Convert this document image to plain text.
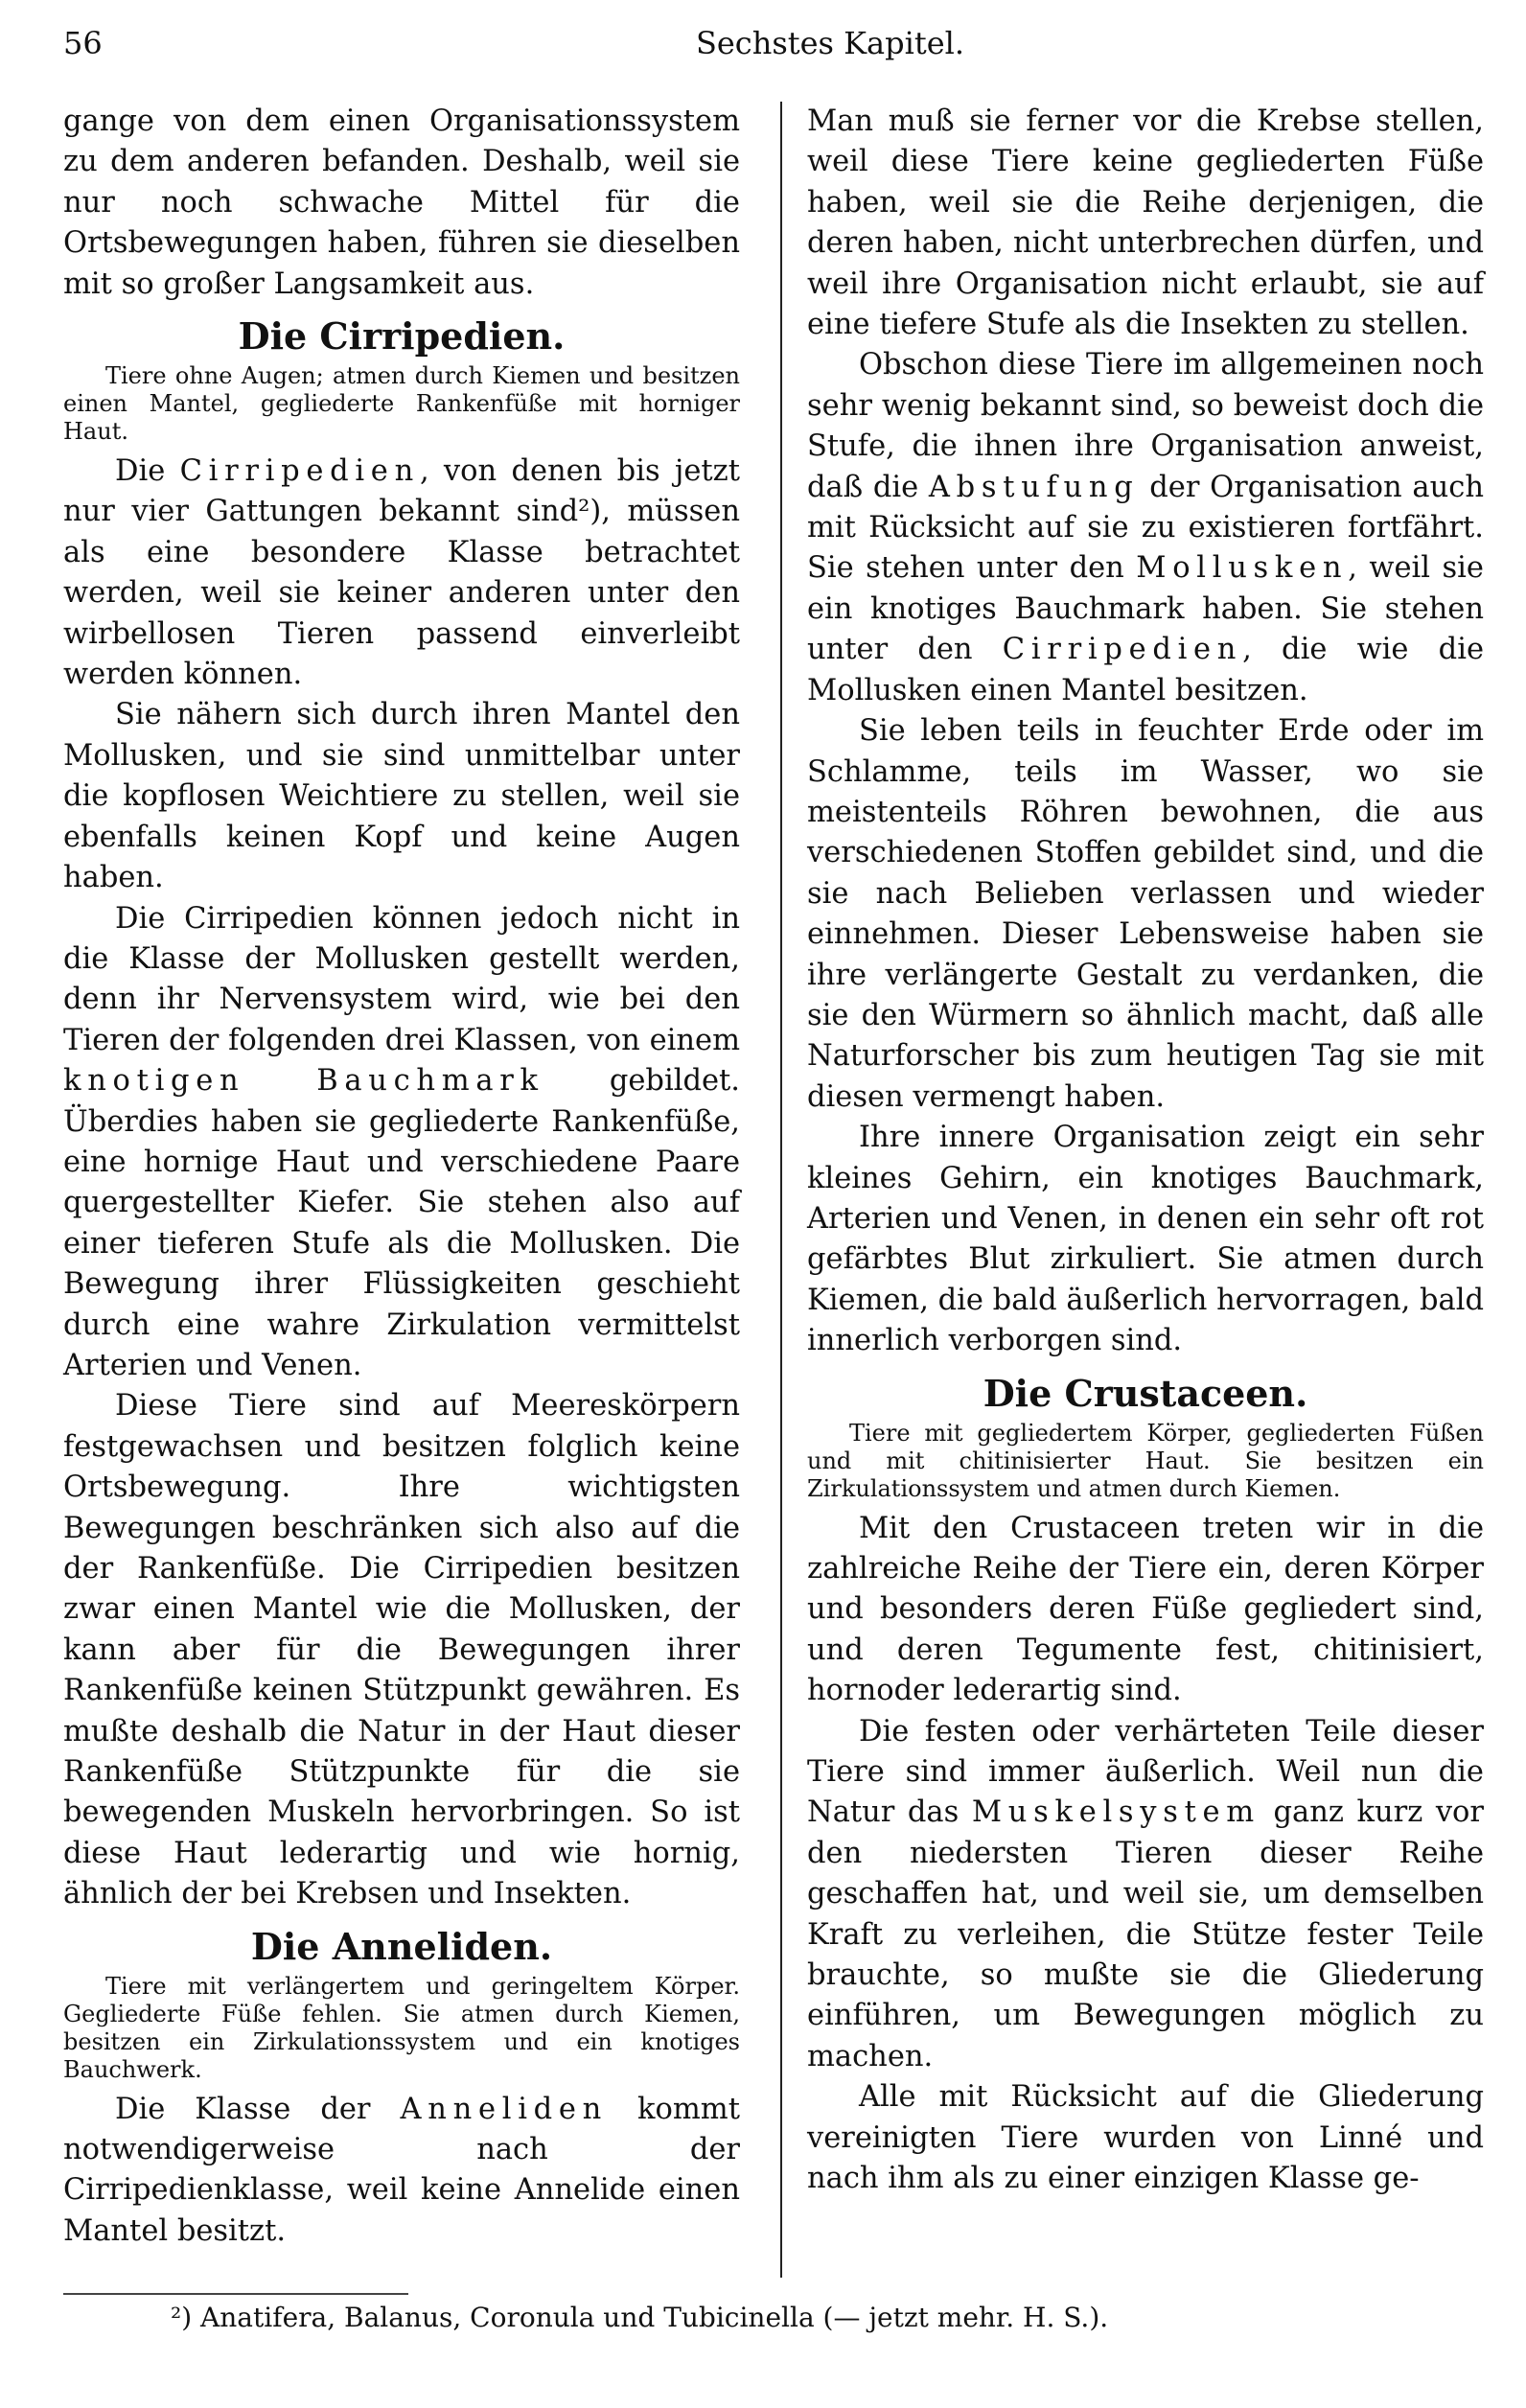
56	Sechstes Kapitel.

gange von dem einen Organisationssystem zu dem anderen befanden. Deshalb, weil sie nur noch schwache Mittel für die Ortsbewegungen haben, führen sie dieselben mit so großer Langsamkeit aus.

Die Cirripedien.

Tiere ohne Augen; atmen durch Kiemen und besitzen einen Mantel, gegliederte Rankenfüße mit horniger Haut.

Die Cirripedien, von denen bis jetzt nur vier Gattungen bekannt sind²), müssen als eine besondere Klasse betrachtet werden, weil sie keiner anderen unter den wirbellosen Tieren passend einverleibt werden können.

Sie nähern sich durch ihren Mantel den Mollusken, und sie sind unmittelbar unter die kopflosen Weichtiere zu stellen, weil sie ebenfalls keinen Kopf und keine Augen haben.

Die Cirripedien können jedoch nicht in die Klasse der Mollusken gestellt werden, denn ihr Nervensystem wird, wie bei den Tieren der folgenden drei Klassen, von einem knotigen Bauchmark gebildet. Überdies haben sie gegliederte Rankenfüße, eine hornige Haut und verschiedene Paare quergestellter Kiefer. Sie stehen also auf einer tieferen Stufe als die Mollusken. Die Bewegung ihrer Flüssigkeiten geschieht durch eine wahre Zirkulation vermittelst Arterien und Venen.

Diese Tiere sind auf Meereskörpern festgewachsen und besitzen folglich keine Ortsbewegung. Ihre wichtigsten Bewegungen beschränken sich also auf die der Rankenfüße. Die Cirripedien besitzen zwar einen Mantel wie die Mollusken, der kann aber für die Bewegungen ihrer Rankenfüße keinen Stützpunkt gewähren. Es mußte deshalb die Natur in der Haut dieser Rankenfüße Stützpunkte für die sie bewegenden Muskeln hervorbringen. So ist diese Haut lederartig und wie hornig, ähnlich der bei Krebsen und Insekten.

Die Anneliden.

Tiere mit verlängertem und geringeltem Körper. Gegliederte Füße fehlen. Sie atmen durch Kiemen, besitzen ein Zirkulationssystem und ein knotiges Bauchwerk.

Die Klasse der Anneliden kommt notwendigerweise nach der Cirripedienklasse, weil keine Annelide einen Mantel besitzt.

Man muß sie ferner vor die Krebse stellen, weil diese Tiere keine gegliederten Füße haben, weil sie die Reihe derjenigen, die deren haben, nicht unterbrechen dürfen, und weil ihre Organisation nicht erlaubt, sie auf eine tiefere Stufe als die Insekten zu stellen.

Obschon diese Tiere im allgemeinen noch sehr wenig bekannt sind, so beweist doch die Stufe, die ihnen ihre Organisation anweist, daß die Abstufung der Organisation auch mit Rücksicht auf sie zu existieren fortfährt. Sie stehen unter den Mollusken, weil sie ein knotiges Bauchmark haben. Sie stehen unter den Cirripedien, die wie die Mollusken einen Mantel besitzen.

Sie leben teils in feuchter Erde oder im Schlamme, teils im Wasser, wo sie meistenteils Röhren bewohnen, die aus verschiedenen Stoffen gebildet sind, und die sie nach Belieben verlassen und wieder einnehmen. Dieser Lebensweise haben sie ihre verlängerte Gestalt zu verdanken, die sie den Würmern so ähnlich macht, daß alle Naturforscher bis zum heutigen Tag sie mit diesen vermengt haben.

Ihre innere Organisation zeigt ein sehr kleines Gehirn, ein knotiges Bauchmark, Arterien und Venen, in denen ein sehr oft rot gefärbtes Blut zirkuliert. Sie atmen durch Kiemen, die bald äußerlich hervorragen, bald innerlich verborgen sind.

Die Crustaceen.

Tiere mit gegliedertem Körper, gegliederten Füßen und mit chitinisierter Haut. Sie besitzen ein Zirkulationssystem und atmen durch Kiemen.

Mit den Crustaceen treten wir in die zahlreiche Reihe der Tiere ein, deren Körper und besonders deren Füße gegliedert sind, und deren Tegumente fest, chitinisiert, hornoder lederartig sind.

Die festen oder verhärteten Teile dieser Tiere sind immer äußerlich. Weil nun die Natur das Muskelsystem ganz kurz vor den niedersten Tieren dieser Reihe geschaffen hat, und weil sie, um demselben Kraft zu verleihen, die Stütze fester Teile brauchte, so mußte sie die Gliederung einführen, um Bewegungen möglich zu machen.

Alle mit Rücksicht auf die Gliederung vereinigten Tiere wurden von Linné und nach ihm als zu einer einzigen Klasse ge-

²) Anatifera, Balanus, Coronula und Tubicinella (— jetzt mehr. H. S.).
